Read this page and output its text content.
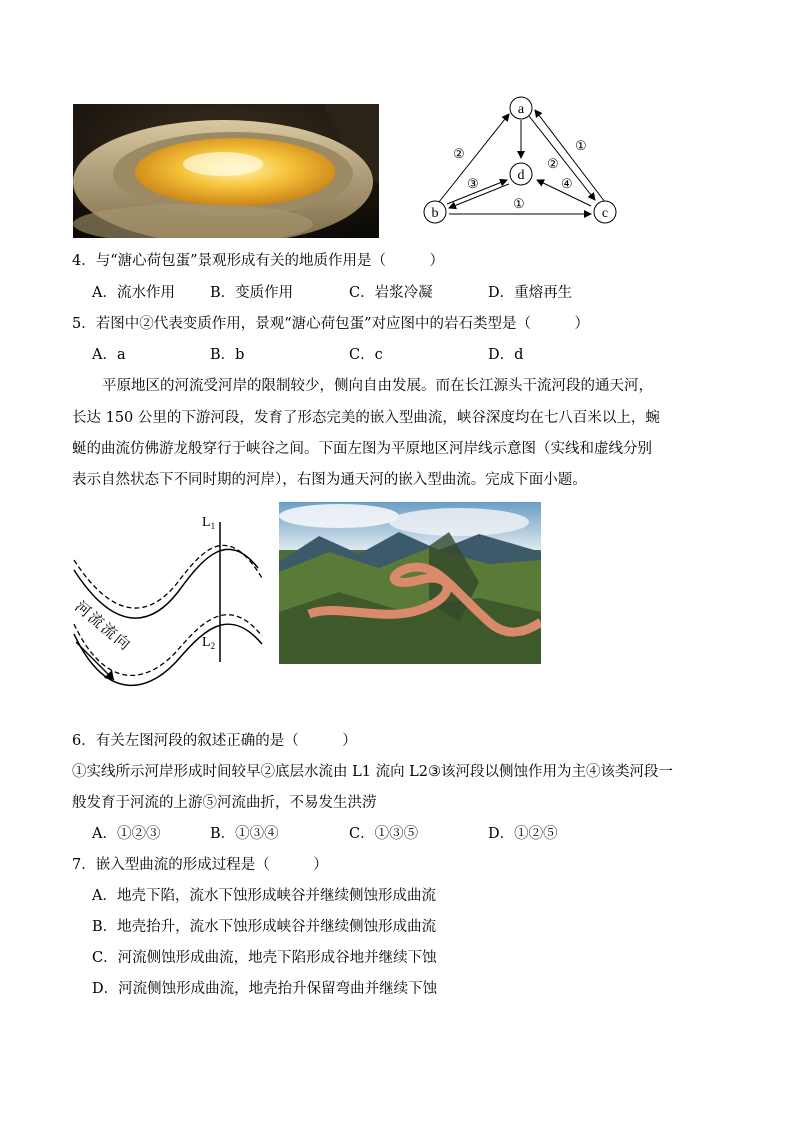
a
b	c
d
②
③
①
④
②
①
4．与“溏心荷包蛋”景观形成有关的地质作用是（　　　）
A．流水作用 B．变质作用	C．岩浆冷凝	D．重熔再生
5．若图中②代表变质作用，景观“溏心荷包蛋”对应图中的岩石类型是（　　　）
A．a	B．b	C．c	D．d
平原地区的河流受河岸的限制较少，侧向自由发展。而在长江源头干流河段的通天河，
长达 150 公里的下游河段，发育了形态完美的嵌入型曲流，峡谷深度均在七八百米以上，蜿
蜒的曲流仿佛游龙般穿行于峡谷之间。下面左图为平原地区河岸线示意图（实线和虚线分别
表示自然状态下不同时期的河岸），右图为通天河的嵌入型曲流。完成下面小题。
$L_1$
$L_2$
河流流向
6．有关左图河段的叙述正确的是（　　　）
①实线所示河岸形成时间较早②底层水流由 L1 流向 L2③该河段以侧蚀作用为主④该类河段一
般发育于河流的上游⑤河流曲折，不易发生洪涝
A．①②③	B．①③④	C．①③⑤	D．①②⑤
7．嵌入型曲流的形成过程是（　　　）
A．地壳下陷，流水下蚀形成峡谷并继续侧蚀形成曲流
B．地壳抬升，流水下蚀形成峡谷并继续侧蚀形成曲流
C．河流侧蚀形成曲流，地壳下陷形成谷地并继续下蚀
D．河流侧蚀形成曲流，地壳抬升保留弯曲并继续下蚀
